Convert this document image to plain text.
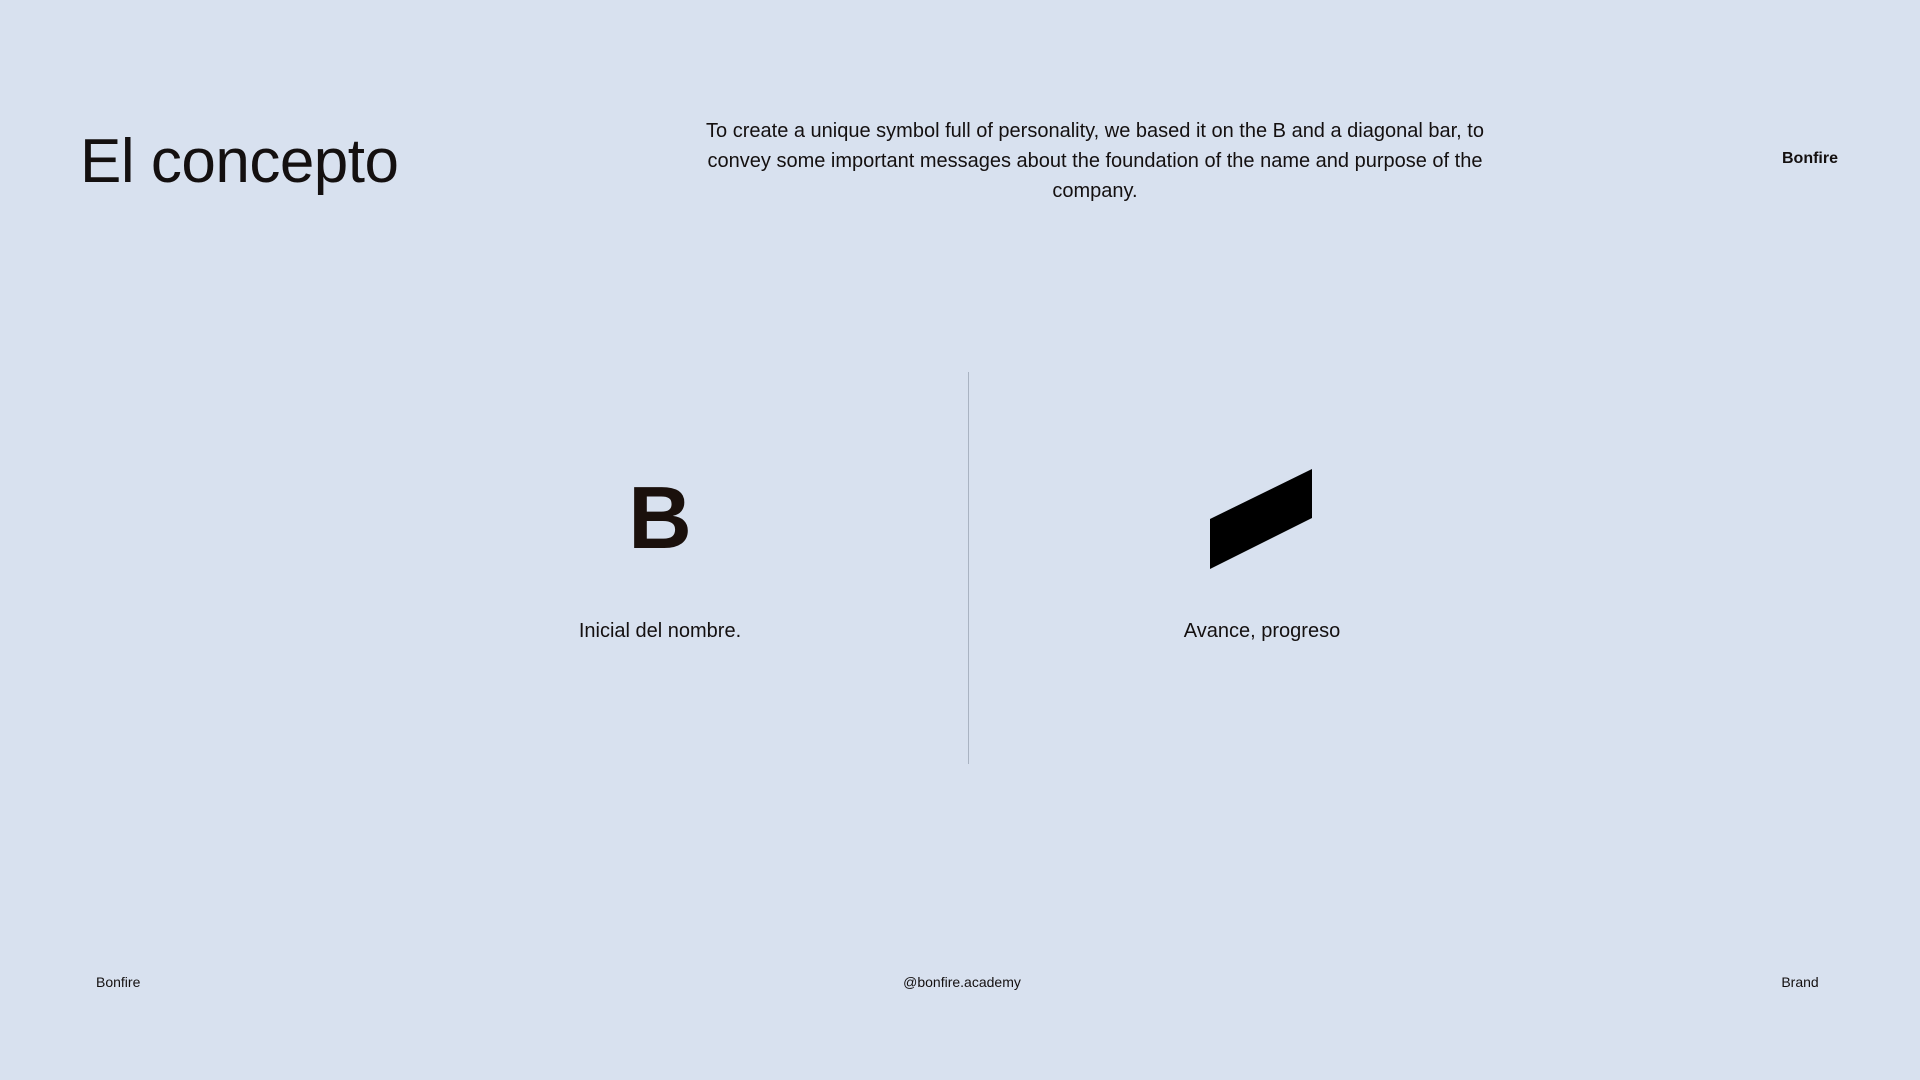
El concepto	To create a unique symbol full of personality, we based it on the B and a diagonal bar, to convey some important messages about the foundation of the name and purpose of the company.

Bonfire
B
Inicial del nombre.	Avance, progreso
Bonfire	@bonfire.academy	Brand
